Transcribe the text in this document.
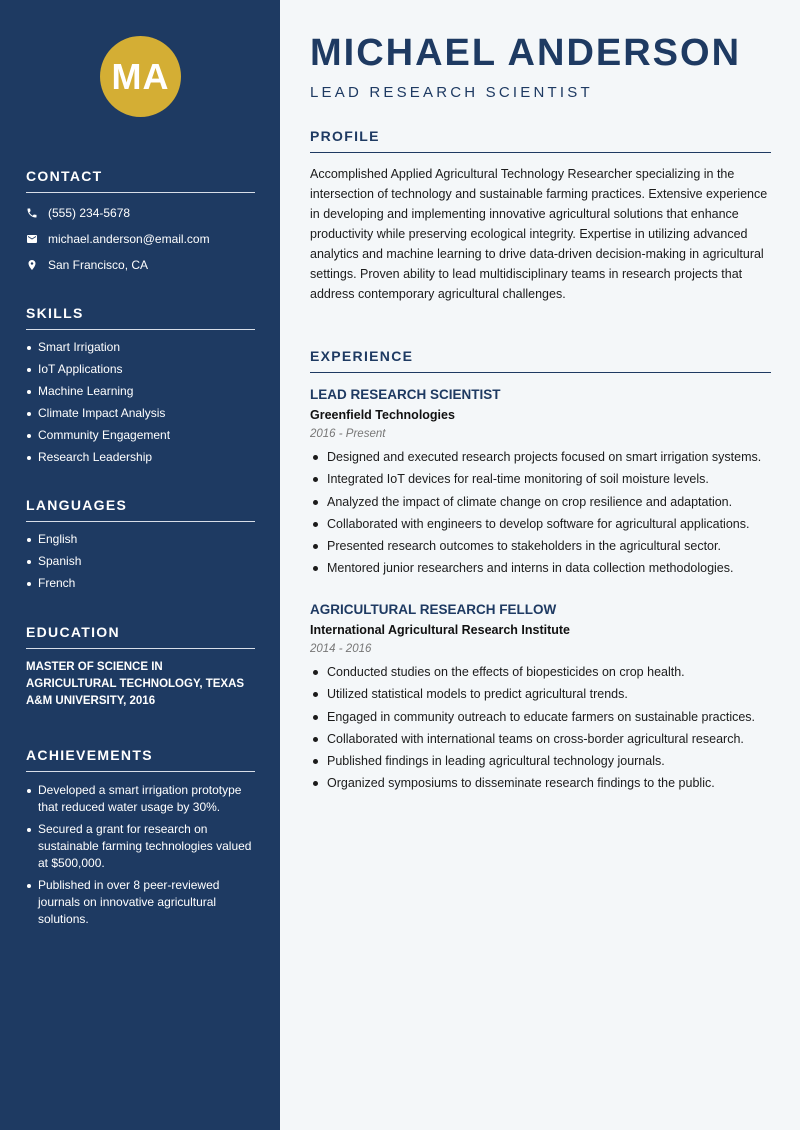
MA
CONTACT
(555) 234-5678
michael.anderson@email.com
San Francisco, CA
SKILLS
Smart Irrigation
IoT Applications
Machine Learning
Climate Impact Analysis
Community Engagement
Research Leadership
LANGUAGES
English
Spanish
French
EDUCATION

MASTER OF SCIENCE IN AGRICULTURAL TECHNOLOGY, TEXAS A&M UNIVERSITY, 2016

ACHIEVEMENTS
Developed a smart irrigation prototype that reduced water usage by 30%.
Secured a grant for research on sustainable farming technologies valued at $500,000.
Published in over 8 peer-reviewed journals on innovative agricultural solutions.
MICHAEL ANDERSON
LEAD RESEARCH SCIENTIST
PROFILE

Accomplished Applied Agricultural Technology Researcher specializing in the intersection of technology and sustainable farming practices. Extensive experience in developing and implementing innovative agricultural solutions that enhance productivity while preserving ecological integrity. Expertise in utilizing advanced analytics and machine learning to drive data-driven decision-making in agricultural settings. Proven ability to lead multidisciplinary teams in research projects that address contemporary agricultural challenges.

EXPERIENCE
LEAD RESEARCH SCIENTIST
Greenfield Technologies
2016 - Present
Designed and executed research projects focused on smart irrigation systems.
Integrated IoT devices for real-time monitoring of soil moisture levels.
Analyzed the impact of climate change on crop resilience and adaptation.
Collaborated with engineers to develop software for agricultural applications.
Presented research outcomes to stakeholders in the agricultural sector.
Mentored junior researchers and interns in data collection methodologies.
AGRICULTURAL RESEARCH FELLOW
International Agricultural Research Institute
2014 - 2016
Conducted studies on the effects of biopesticides on crop health.
Utilized statistical models to predict agricultural trends.
Engaged in community outreach to educate farmers on sustainable practices.
Collaborated with international teams on cross-border agricultural research.
Published findings in leading agricultural technology journals.
Organized symposiums to disseminate research findings to the public.
